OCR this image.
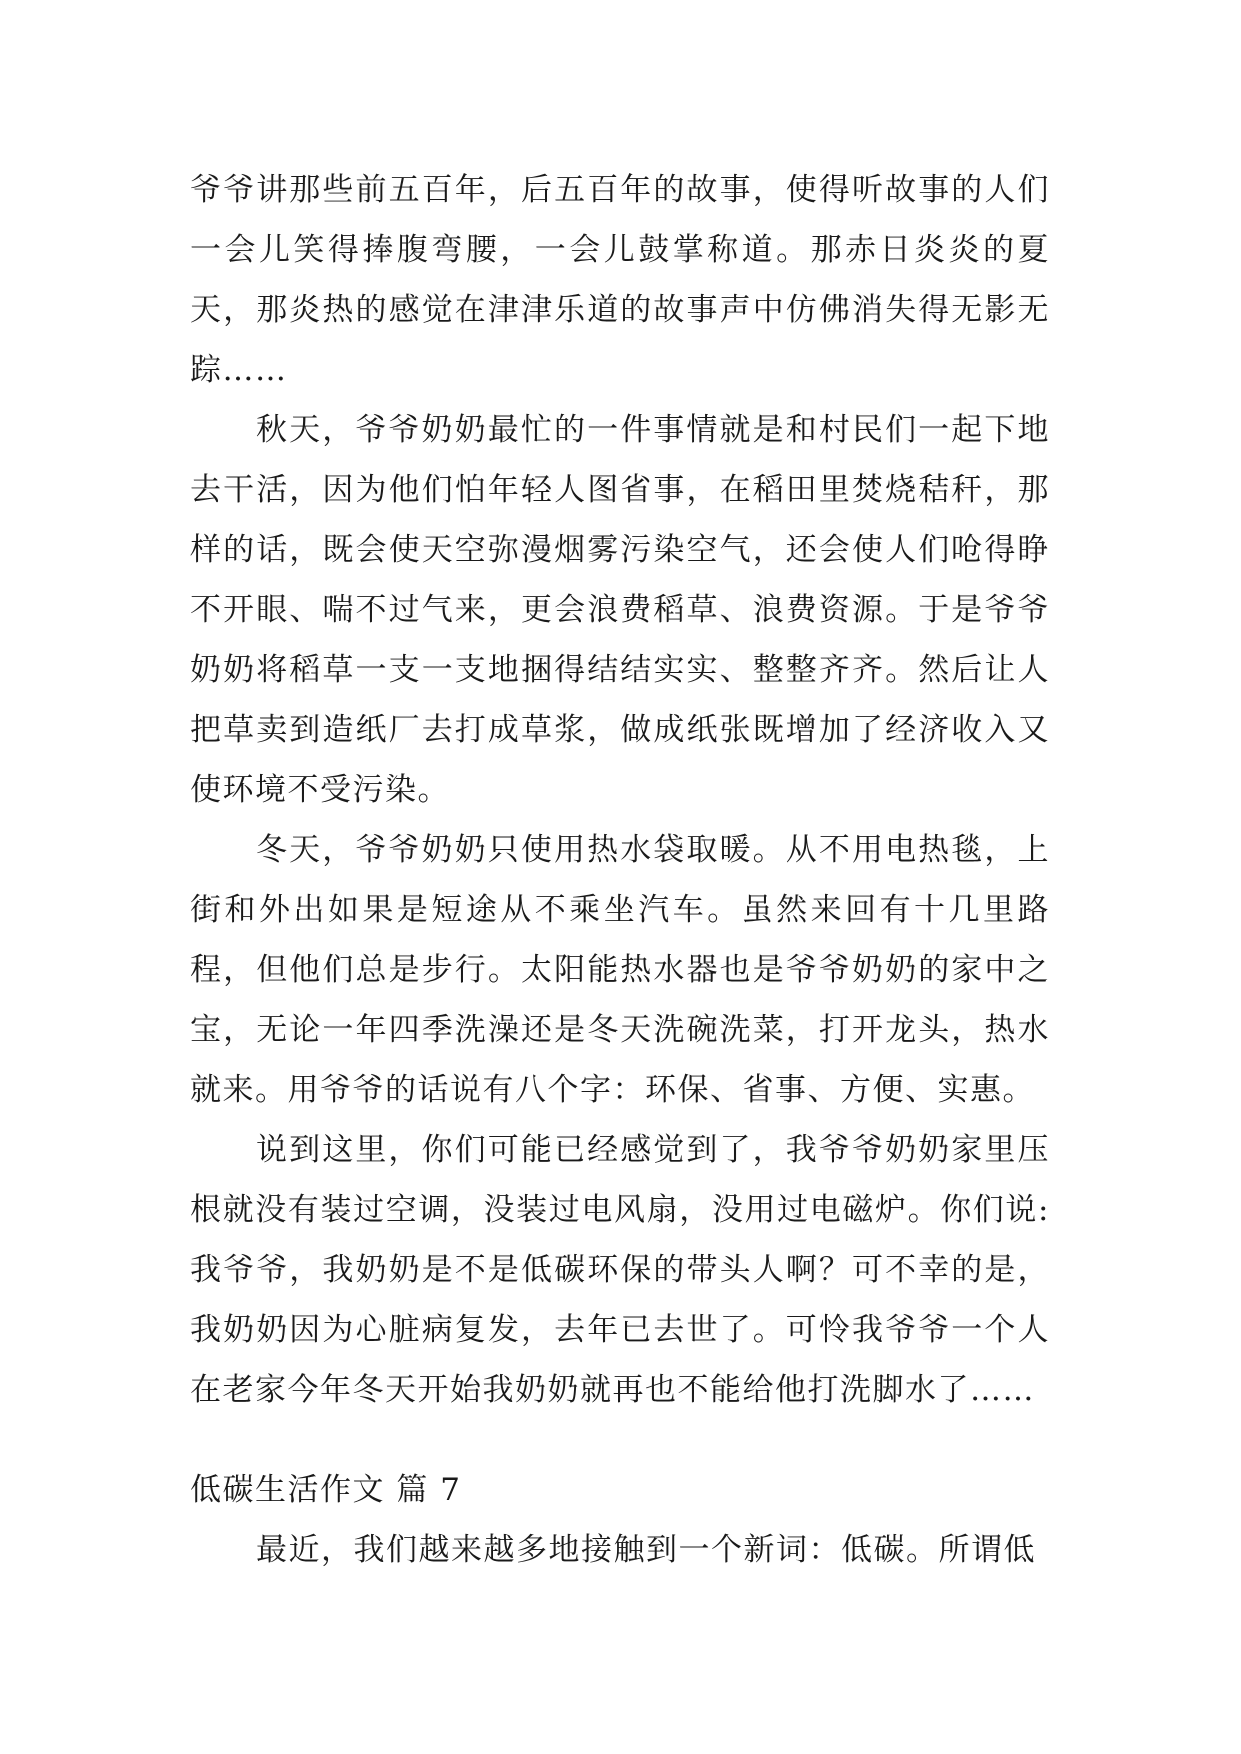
爷爷讲那些前五百年，后五百年的故事，使得听故事的人们一会儿笑得捧腹弯腰，一会儿鼓掌称道。那赤日炎炎的夏天，那炎热的感觉在津津乐道的故事声中仿佛消失得无影无踪……

秋天，爷爷奶奶最忙的一件事情就是和村民们一起下地去干活，因为他们怕年轻人图省事，在稻田里焚烧秸秆，那样的话，既会使天空弥漫烟雾污染空气，还会使人们呛得睁不开眼、喘不过气来，更会浪费稻草、浪费资源。于是爷爷奶奶将稻草一支一支地捆得结结实实、整整齐齐。然后让人把草卖到造纸厂去打成草浆，做成纸张既增加了经济收入又使环境不受污染。

冬天，爷爷奶奶只使用热水袋取暖。从不用电热毯，上街和外出如果是短途从不乘坐汽车。虽然来回有十几里路程，但他们总是步行。太阳能热水器也是爷爷奶奶的家中之宝，无论一年四季洗澡还是冬天洗碗洗菜，打开龙头，热水就来。用爷爷的话说有八个字：环保、省事、方便、实惠。

说到这里，你们可能已经感觉到了，我爷爷奶奶家里压根就没有装过空调，没装过电风扇，没用过电磁炉。你们说:我爷爷，我奶奶是不是低碳环保的带头人啊？可不幸的是，我奶奶因为心脏病复发，去年已去世了。可怜我爷爷一个人在老家今年冬天开始我奶奶就再也不能给他打洗脚水了……

低碳生活作文 篇 7

最近，我们越来越多地接触到一个新词：低碳。所谓低
